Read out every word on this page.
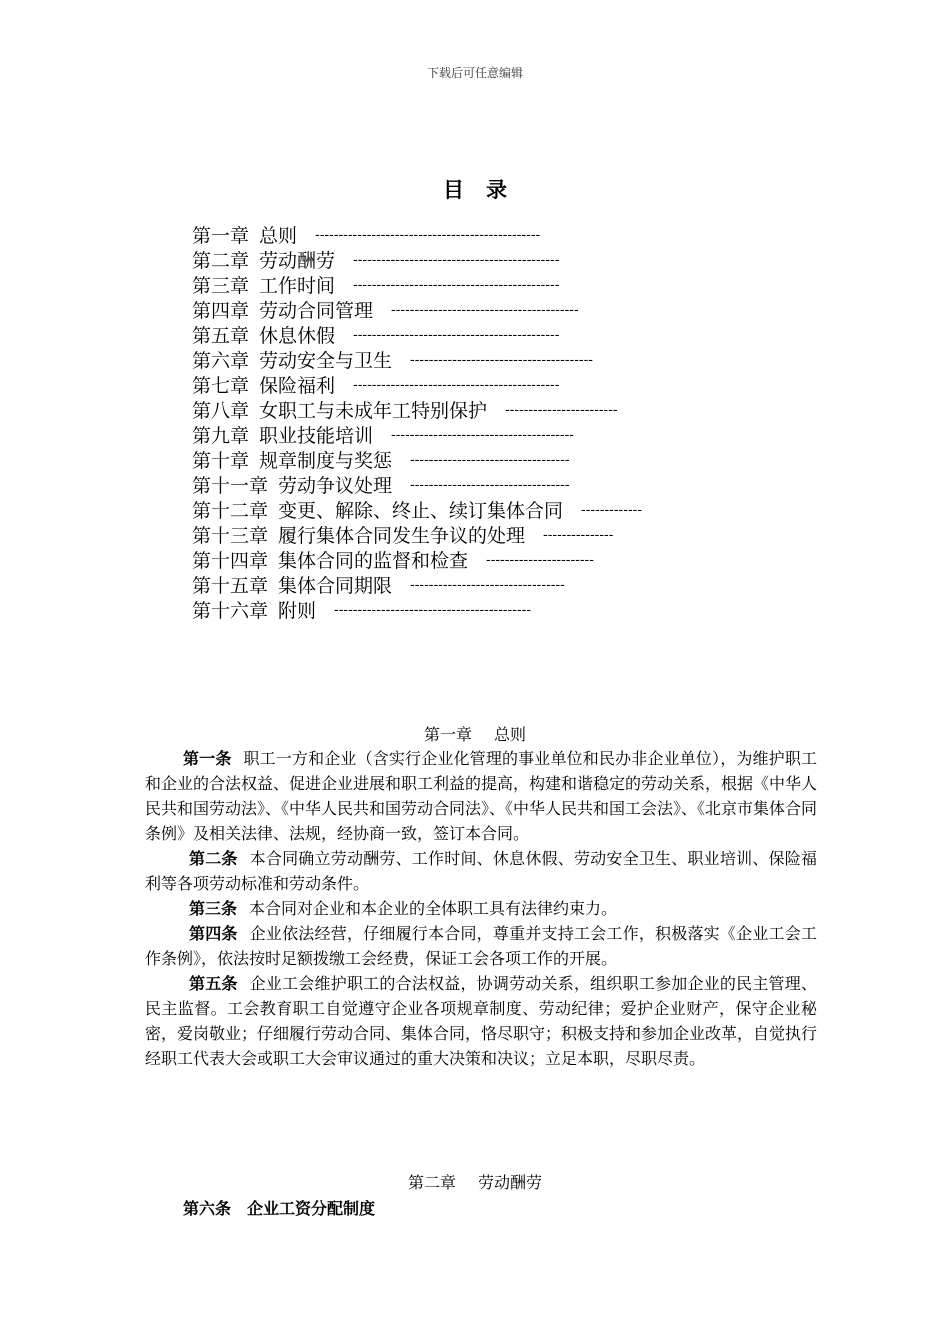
下载后可任意编辑
目录
第一章 总则 ------------------------------------------------
第二章 劳动酬劳 --------------------------------------------
第三章 工作时间 --------------------------------------------
第四章 劳动合同管理 ----------------------------------------
第五章 休息休假 --------------------------------------------
第六章 劳动安全与卫生 ---------------------------------------
第七章 保险福利 --------------------------------------------
第八章 女职工与未成年工特别保护 ------------------------
第九章 职业技能培训 ---------------------------------------
第十章 规章制度与奖惩 ----------------------------------
第十一章 劳动争议处理 ----------------------------------
第十二章 变更、解除、终止、续订集体合同 -------------
第十三章 履行集体合同发生争议的处理 ---------------
第十四章 集体合同的监督和检查 -----------------------
第十五章 集体合同期限 ---------------------------------
第十六章 附则 ------------------------------------------
第一章 总则

第一条 职工一方和企业（含实行企业化管理的事业单位和民办非企业单位），为维护职工和企业的合法权益、促进企业进展和职工利益的提高，构建和谐稳定的劳动关系，根据《中华人民共和国劳动法》、《中华人民共和国劳动合同法》、《中华人民共和国工会法》、《北京市集体合同条例》及相关法律、法规，经协商一致，签订本合同。

第二条 本合同确立劳动酬劳、工作时间、休息休假、劳动安全卫生、职业培训、保险福利等各项劳动标准和劳动条件。

第三条 本合同对企业和本企业的全体职工具有法律约束力。

第四条 企业依法经营，仔细履行本合同，尊重并支持工会工作，积极落实《企业工会工作条例》，依法按时足额拨缴工会经费，保证工会各项工作的开展。

第五条 企业工会维护职工的合法权益，协调劳动关系，组织职工参加企业的民主管理、民主监督。工会教育职工自觉遵守企业各项规章制度、劳动纪律；爱护企业财产，保守企业秘密，爱岗敬业；仔细履行劳动合同、集体合同，恪尽职守；积极支持和参加企业改革，自觉执行经职工代表大会或职工大会审议通过的重大决策和决议；立足本职，尽职尽责。

第二章 劳动酬劳
第六条 企业工资分配制度
